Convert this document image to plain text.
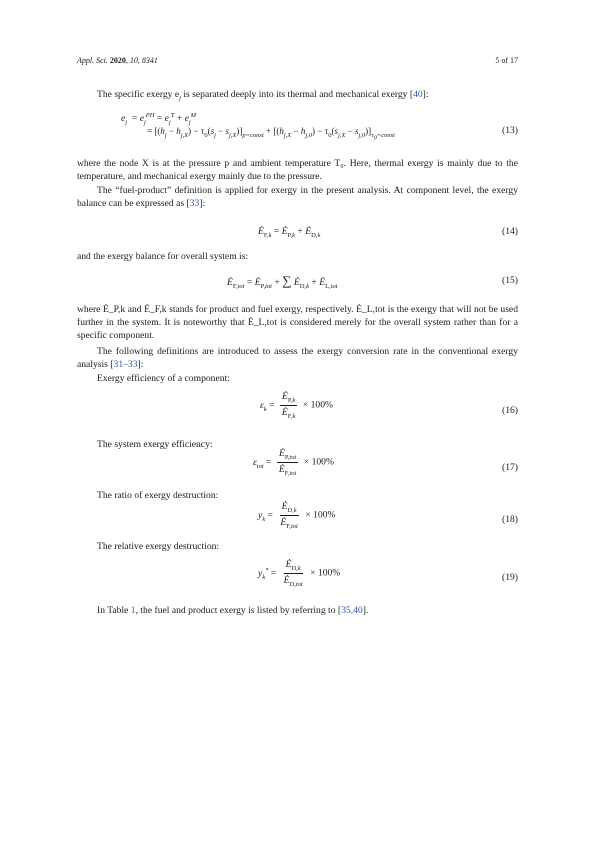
Appl. Sci. 2020, 10, 8341	5 of 17

The specific exergy $e_j$ is separated deeply into its thermal and mechanical exergy [40]:

$e_j = e_j^{PH} = e_j^T + e_j^M$
= $[(h_j - h_{j,X}) - \tau_0(s_j - s_{j,X})]_{p=const} + [(h_{j,X} - h_{j,0}) - \tau_0(s_{j,X} - s_{j,0})]_{\tau_0=const}$	(13)

where the node X is at the pressure p and ambient temperature T₀. Here, thermal exergy is mainly due to the temperature, and mechanical exergy mainly due to the pressure.

The “fuel-product” definition is applied for exergy in the present analysis. At component level, the exergy balance can be expressed as [33]:

$Ė_{F,k}$ = $Ė_{P,k}$ + $Ė_{D,k}$	(14)

and the exergy balance for overall system is:

$Ė_{F,tot}$ = $Ė_{P,tot}$ + ∑ $Ė_{D,k}$ + $Ė_{L,tot}$
(15)

where Ė_P,k and Ė_F,k stands for product and fuel exergy, respectively. Ė_L,tot is the exergy that will not be used further in the system. It is noteworthy that Ė_L,tot is considered merely for the overall system rather than for a specific component.

The following definitions are introduced to assess the exergy conversion rate in the conventional exergy analysis [31–33]:

Exergy efficiency of a component:

$\varepsilon_k = \frac{Ė_{P,k}}{Ė_{F,k}} \times 100\%$	(16)

The system exergy efficiency:

$\varepsilon_{tot} = \frac{Ė_{P,tot}}{Ė_{F,tot}} \times 100\%$	(17)

The ratio of exergy destruction:

$y_k = \frac{Ė_{D,k}}{Ė_{F,tot}} \times 100\%$	(18)

The relative exergy destruction:

$y_k^* = \frac{Ė_{D,k}}{Ė_{D,tot}} \times 100\%$	(19)

In Table 1, the fuel and product exergy is listed by referring to [35,40].
